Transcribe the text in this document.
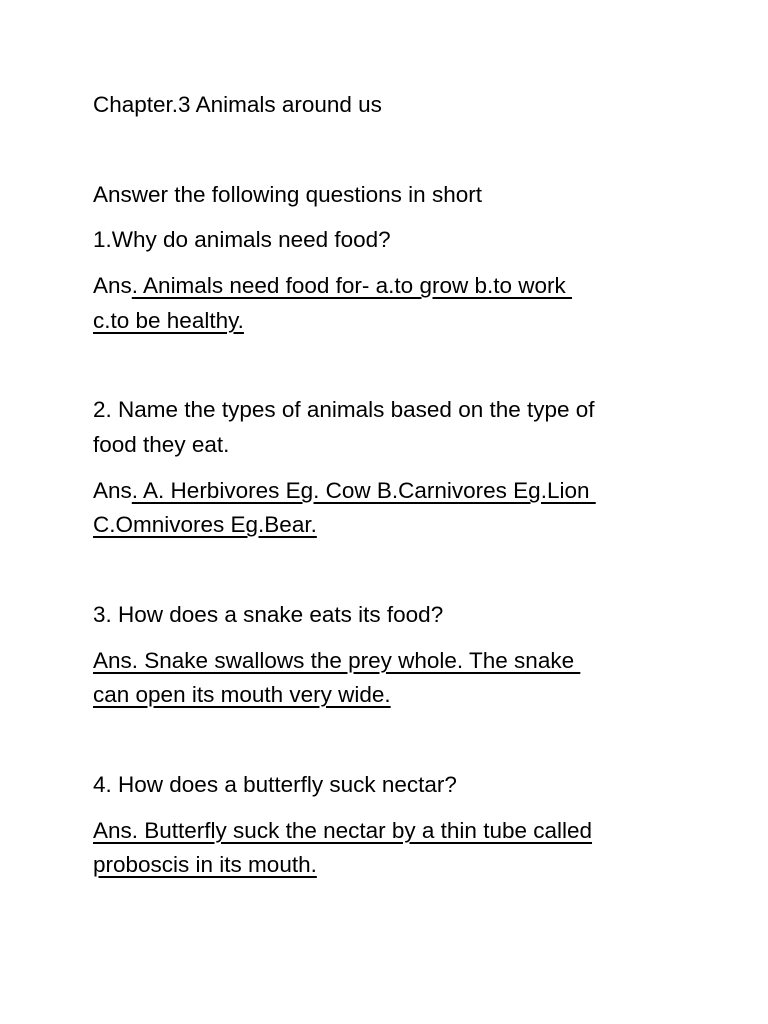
Chapter.3 Animals around us

Answer the following questions in short

1.Why do animals need food?

Ans. Animals need food for- a.to grow b.to work

c.to be healthy.

2. Name the types of animals based on the type of

food they eat.

Ans. A. Herbivores Eg. Cow B.Carnivores Eg.Lion

C.Omnivores Eg.Bear.

3. How does a snake eats its food?

Ans. Snake swallows the prey whole. The snake

can open its mouth very wide.

4. How does a butterfly suck nectar?

Ans. Butterfly suck the nectar by a thin tube called

proboscis in its mouth.
